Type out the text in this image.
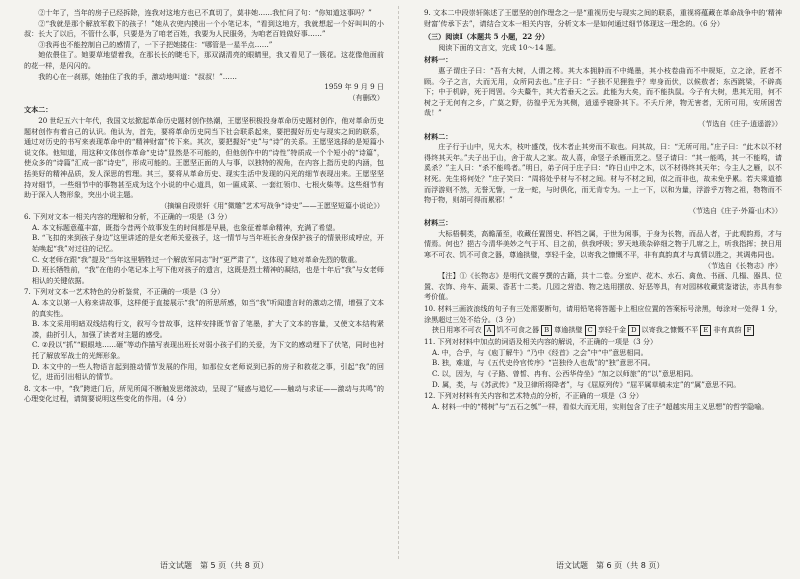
②十年了，当年的房子已经拆除，连我对这地方也已不真切了，莫非她……我忙问了句：“你知道这事吗？”

②“我就是那个解放军救下的孩子！”她从衣兜内摸出一个小笔记本，“看到这地方，我就想起一个好叫叫的小叔：长大了以后，不管什么事，只要是为了咱老百姓，我要为人民服务，为咱老百姓做好事……”

③我再也不能控制自己的感情了，一下子把她搂住：“哪管是一星半点……”

她依偎住了。她要草地望着我，在那长长的睫毛下，那双湖清亮的眼睛里，我又看见了一簇花。这花像他面前的花一样，是闪闪的。

我的心在一刹那，她抽住了我的手，激动地叫道：“叔叔！”……

1959 年 9 月 9 日

（有删改）

文本二：

20 世纪五六十年代，我国文坛掀起革命历史题材创作热潮，王愿坚积极投身革命历史题材创作，他对革命历史题材创作有着自己的认识。他认为，首先，要将革命历史同当下社会联系起来，要把握好历史与现实之间的联系，通过对历史的书写来表现革命中的“精神财富”传下来。其次，要把握好“史”与“诗”的关系。王愿坚选择的是短篇小说文体。他知道，用这种文体创作革命“史诗”显然是不可能的，但他创作中的“诗性”特质成一个个短小的“诗篇”，使众多的“诗篇”汇成一部“诗史”，形成可能的。王愿坚正面的人与事，以独特的视角，在内容上指历史的内涵，包括美好的精神品质，发人深思的哲理。其三，要将从革命历史、现实生活中发现的闪光的细节表现出来。王愿坚坚持对细节，一些细节中的事物甚至成为这个小说的中心道具，如一匾成菜、一套红领巾、七根火柴等。这些细节有助于深入人物形象，突出小说主题。

（摘编自段崇轩《用“微雕”艺术写战争“诗史”——王愿坚短篇小说论》）

6. 下列对文本一相关内容的理解和分析，不正确的一项是（3 分）

A. 本文标题意蕴丰富，既指今昔两个故事发生的时间都是早晨，也象征着革命精神，充满了希望。

B. “飞扣的来到孩子身边”这里讲述的是女老师关爱孩子，这一情节与当年班长舍身保护孩子的情景形成呼应，开始唤起“我”对过往的记忆。

C. 女老师在跟“我”提及“当年这里牺牲过一个解放军同志”时“更严肃了”，这体现了她对革命先烈的敬重。

D. 班长牺牲前，“我”在他的小笔记本上写下他对孩子的遗言，这既是烈士精神的凝结，也是十年后“我”与女老师相认的关键依据。

7. 下列对文本一艺术特色的分析鉴赏，不正确的一项是（3 分）

A. 本文以第一人称来讲故事，这样便于直接展示“我”的所思所感，如当“我”听闻遗言时的激动之情，增强了文本的真实性。

B. 本文采用明暗双线结构行文，叙写今昔故事，这样安排既节省了笔墨，扩大了文本的容量，又使文本结构紧凑，曲折引人，加强了读者对主题的感受。

C. ②段以“抓”“眼眼地……砸”等动作描写表现出班长对弱小孩子们的关爱，为下文的感动埋下了伏笔，同时也衬托了解放军战士的光辉形象。

D. 本文中的一些人物语言起到推动情节发展的作用，如那位女老师说到已拆的房子和救花之事，引起“我”的回忆，进而引出相认的情节。

8. 文本一中，“我”跨进门后，所见所闻不断触发思绪波动，呈现了“疑惑与追忆——触动与求证——激动与共鸣”的心理变化过程，请简要说明这些变化的作用。（4 分）

9. 文本二中段崇轩陈述了王愿坚的创作理念之一是“重视历史与现实之间的联系，重视将蕴藏在革命战争中的‘精神财富’传承下去”，请结合文本一相关内容，分析文本一是如何通过细节体现这一理念的。（6 分）

（三）阅读Ⅰ（本题共 5 小题，22 分）

阅读下面的文言文，完成 10～14 题。

材料一：

惠子谓庄子曰：“吾有大树，人谓之樗。其大本拥肿而不中绳墨，其小枝卷曲而不中规矩，立之涂，匠者不顾。今子之言，大而无用，众所同去也。”庄子曰：“子独不见狸狌乎？卑身而伏，以候敖者；东西跳梁，不辟高下；中于机辟，死于罔罟。今夫斄牛，其大若垂天之云。此能为大矣，而不能执鼠。今子有大树，患其无用，何不树之于无何有之乡，广莫之野，彷徨乎无为其侧，逍遥乎寝卧其下。不夭斤斧，物无害者，无所可用，安所困苦哉！”

（节选自《庄子·逍遥游》）

材料二：

庄子行于山中，见大木，枝叶盛茂，伐木者止其旁而不取也。问其故，曰：“无所可用。”庄子曰：“此木以不材得终其天年。”夫子出于山，舍于故人之家。故人喜，命竖子杀雁而烹之。竖子请曰：“其一能鸣，其一不能鸣，请奚杀？”主人曰：“杀不能鸣者。”明日，弟子问于庄子曰：“昨日山中之木，以不材得终其天年；今主人之雁，以不材死。先生将何处？”庄子笑曰：“周将处乎材与不材之间。材与不材之间，似之而非也，故未免乎累。若夫乘道德而浮游则不然，无誉无訾，一龙一蛇，与时俱化，而无肯专为。一上一下，以和为量，浮游乎万物之祖，物物而不物于物，则胡可得而累邪！”

（节选自《庄子·外篇·山木》）

材料三：

大标梧桐类，高瞻蒲至，收藏任置图史、杯铛之属，于世为闲事，于身为长物，而品人者，于此观韵焉，才与情焉。何也？挹古今清华美妙之气于耳、目之前，供我呼吸；罗天地琐杂碎细之物于几席之上，听我指挥；挟日用寒不可衣、饥不可食之器，尊逾拱璧，享轻千金，以寄我之慷慨不平，非有真韵真才与真情以胜之，其调弗同也。

（节选自《长物志》序）

【注】①《长物志》是明代文震亨撰的古籍，共十二卷。分室庐、花木、水石、禽鱼、书画、几榻、器具、位置、衣饰、舟车、蔬果、香茗十二类。几园之营造、物之选用摆放、好恶等具，有对园林收藏赏鉴诸法，亦具有参考价值。

10. 材料三画波浪线的句子有三处需要断句，请用铅笔将答题卡上相应位置的答案标号涂黑，每涂对一处得 1 分，涂黑超过三处不给分。（3 分）

挟日用寒不可衣 A 饥不可食之器 B 尊逾拱璧 C 享轻千金 D 以寄我之慷慨不平 E 非有真韵 F

11. 下列对材料中加点的词语及相关内容的解说，不正确的一项是（3 分）

A. 中，合乎，与《庖丁解牛》“乃中《经首》之会”中“中”意思相同。

B. 独，难道，与《五代史伶官传序》“岂独伶人也哉”的“独”意思不同。

C. 以，因为，与《子路、曾皙、冉有、公西华侍坐》“加之以师旅”的“以”意思相同。

D. 属，类，与《苏武传》“及卫律所将降者”，与《屈原列传》“屈平属草稿未定”的“属”意思不同。

12. 下列对材料有关内容和艺术特点的分析，不正确的一项是（3 分）

A. 材料一中的“樗树”与“五石之瓠”一样，看似大而无用，实则包含了庄子“超越实用主义思想”的哲学隐喻。

语文试题　第 5 页（共 8 页）	语文试题　第 6 页（共 8 页）
